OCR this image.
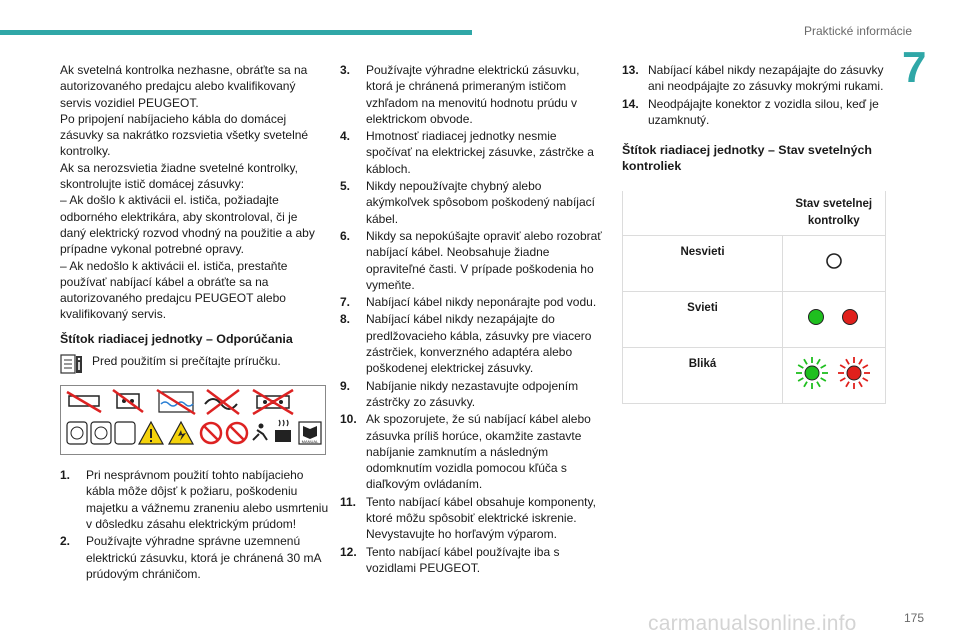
Praktické informácie
7
Ak svetelná kontrolka nezhasne, obráťte sa na
autorizovaného predajcu alebo kvalifikovaný
servis vozidiel PEUGEOT.
Po pripojení nabíjacieho kábla do domácej
zásuvky sa nakrátko rozsvietia všetky svetelné
kontrolky.
Ak sa nerozsvietia žiadne svetelné kontrolky,
skontrolujte istič domácej zásuvky:
– Ak došlo k aktivácii el. ističa, požiadajte
odborného elektrikára, aby skontroloval, či je
daný elektrický rozvod vhodný na použitie a aby
prípadne vykonal potrebné opravy.
– Ak nedošlo k aktivácii el. ističa, prestaňte
používať nabíjací kábel a obráťte sa na
autorizovaného predajcu PEUGEOT alebo
kvalifikovaný servis.
Štítok riadiacej jednotky – Odporúčania
Pred použitím si prečítajte príručku.
MANUAL
1. Pri nesprávnom použití tohto nabíjacieho kábla môže dôjsť k požiaru, poškodeniu majetku a vážnemu zraneniu alebo usmrteniu v dôsledku zásahu elektrickým prúdom!
2. Používajte výhradne správne uzemnenú elektrickú zásuvku, ktorá je chránená 30 mA prúdovým chráničom.
3. Používajte výhradne elektrickú zásuvku, ktorá je chránená primeraným ističom vzhľadom na menovitú hodnotu prúdu v elektrickom obvode.
4. Hmotnosť riadiacej jednotky nesmie spočívať na elektrickej zásuvke, zástrčke a kábloch.
5. Nikdy nepoužívajte chybný alebo akýmkoľvek spôsobom poškodený nabíjací kábel.
6. Nikdy sa nepokúšajte opraviť alebo rozobrať nabíjací kábel. Neobsahuje žiadne opraviteľné časti. V prípade poškodenia ho vymeňte.
7. Nabíjací kábel nikdy neponárajte pod vodu.
8. Nabíjací kábel nikdy nezapájajte do predlžovacieho kábla, zásuvky pre viacero zástrčiek, konverzného adaptéra alebo poškodenej elektrickej zásuvky.
9. Nabíjanie nikdy nezastavujte odpojením zástrčky zo zásuvky.
10. Ak spozorujete, že sú nabíjací kábel alebo zásuvka príliš horúce, okamžite zastavte nabíjanie zamknutím a následným odomknutím vozidla pomocou kľúča s diaľkovým ovládaním.
11. Tento nabíjací kábel obsahuje komponenty, ktoré môžu spôsobiť elektrické iskrenie. Nevystavujte ho horľavým výparom.
12. Tento nabíjací kábel používajte iba s vozidlami PEUGEOT.
13. Nabíjací kábel nikdy nezapájajte do zásuvky ani neodpájajte zo zásuvky mokrými rukami.
14. Neodpájajte konektor z vozidla silou, keď je uzamknutý.
Štítok riadiacej jednotky – Stav svetelných kontroliek
	Stav svetelnej kontrolky
Nesvieti	
Svieti	
Bliká	
carmanualsonline.info	175
